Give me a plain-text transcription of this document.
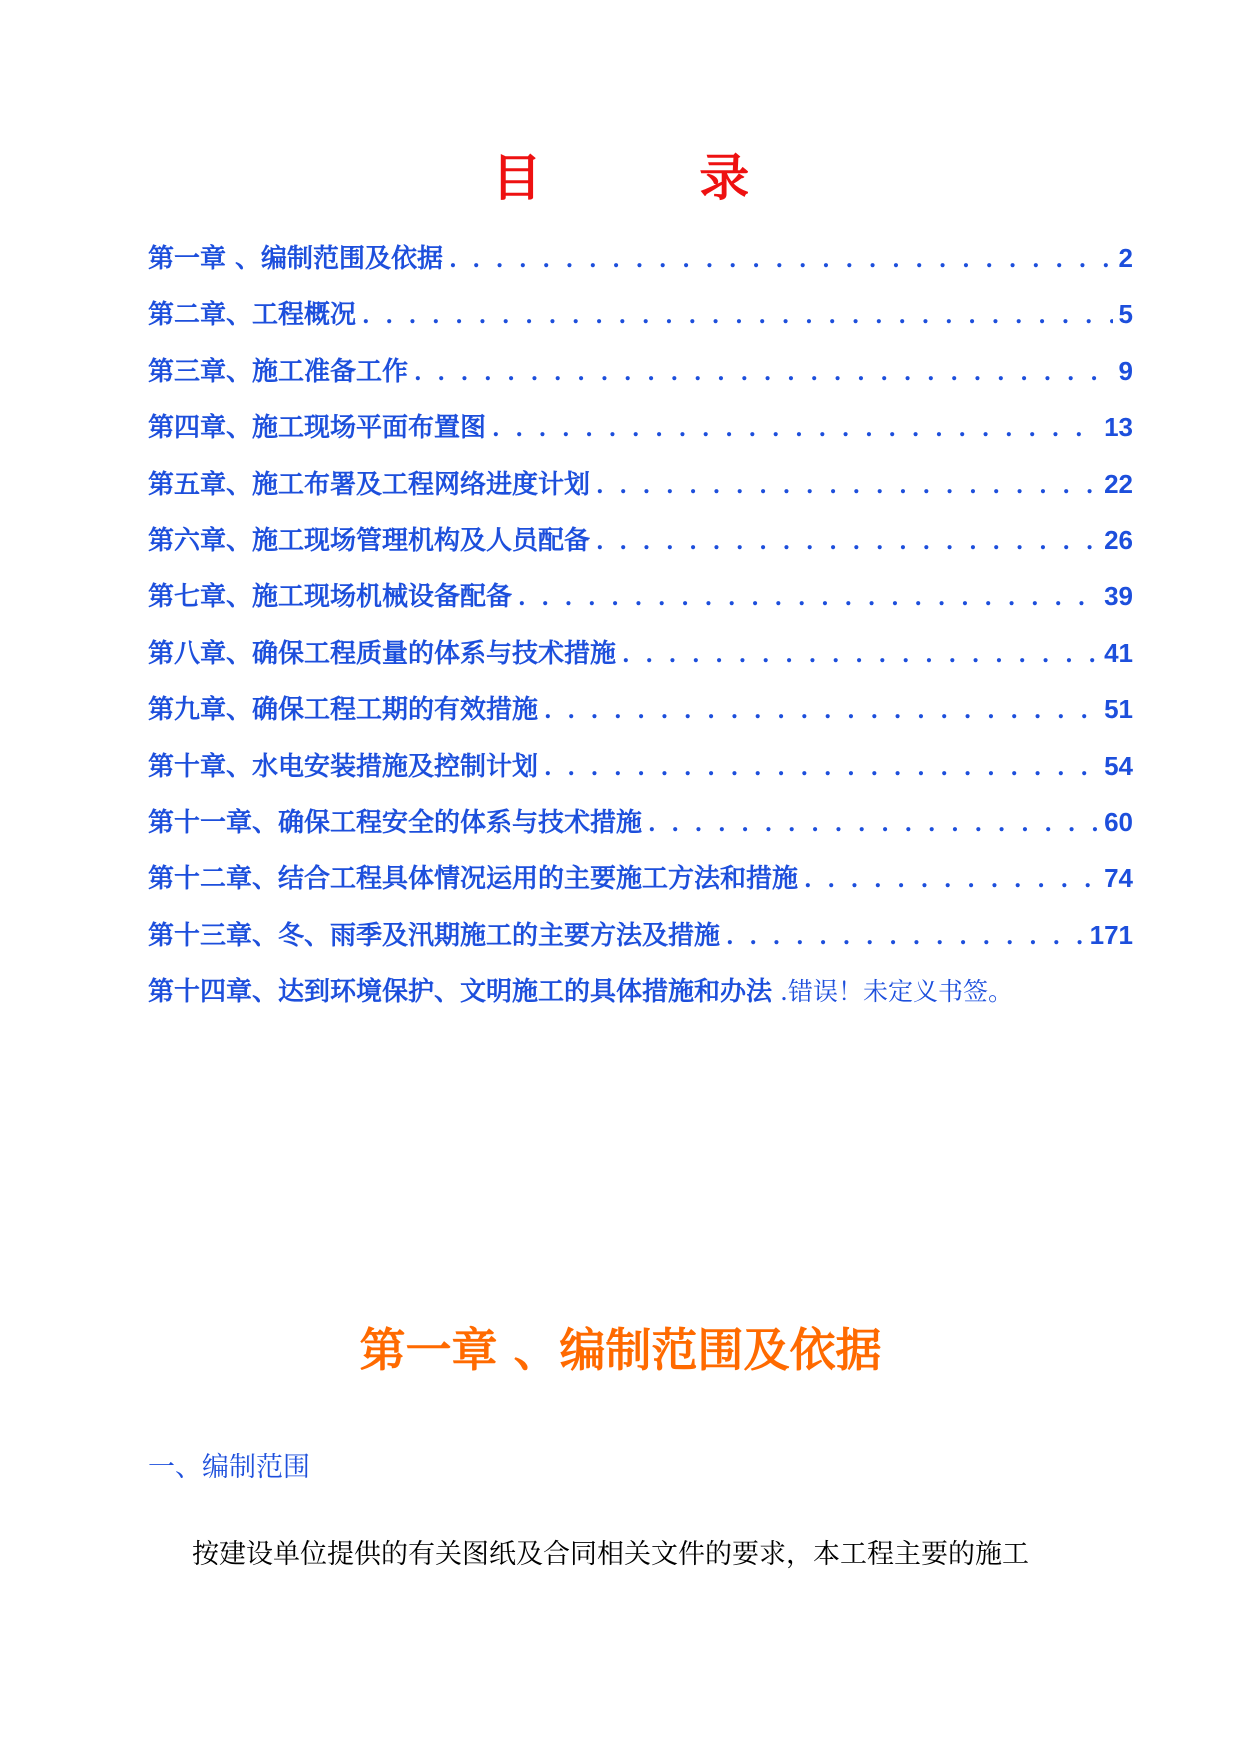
目 录
第一章 、编制范围及依据 . . .	2
第二章、工程概况 . . .	5
第三章、施工准备工作 . . .	9
第四章、施工现场平面布置图 . . .	13
第五章、施工布署及工程网络进度计划 . . .	22
第六章、施工现场管理机构及人员配备 . . .	26
第七章、施工现场机械设备配备 . . .	39
第八章、确保工程质量的体系与技术措施 . . .	41
第九章、确保工程工期的有效措施 . . .	51
第十章、水电安装措施及控制计划 . . .	54
第十一章、确保工程安全的体系与技术措施 . . .	60
第十二章、结合工程具体情况运用的主要施工方法和措施 . . .	74
第十三章、冬、雨季及汛期施工的主要方法及措施 . . .	171
第十四章、达到环境保护、文明施工的具体措施和办法 .错误！未定义书签。
第一章 、编制范围及依据
一、编制范围
按建设单位提供的有关图纸及合同相关文件的要求，本工程主要的施工
